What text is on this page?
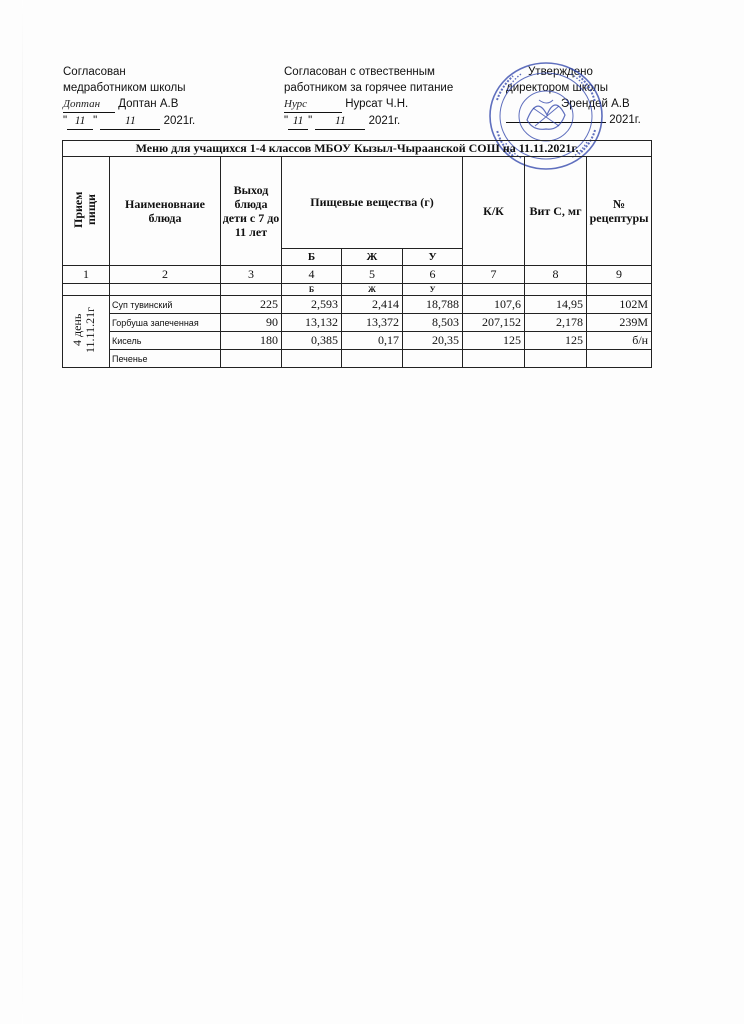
Согласован
медработником школы
Доптан Доптан А.В
" 11 " 11 2021г.
Согласован с отвественным
работником за горячее питание
Нурс	Нурсат Ч.Н.
" 11 " 11 2021г.
Утверждено
директором школы
Эрендей А.В
2021г.
Меню для учащихся 1-4 классов МБОУ Кызыл-Чыраанской СОШ на 11.11.2021г.								
Прием пищи	Наименовнаие блюда	Выход блюда дети с 7 до 11 лет	Пищевые вещества (г)			К/К	Вит С, мг	№ рецептуры
			Б	Ж	У			
1	2	3	4	5	6	7	8	9
			Б	Ж	У			
4 день 11.11.21г	Суп тувинский	225	2,593	2,414	18,788	107,6	14,95	102М
	Горбуша запеченная	90	13,132	13,372	8,503	207,152	2,178	239М
	Кисель	180	0,385	0,17	20,35	125	125	б/н
	Печенье							
